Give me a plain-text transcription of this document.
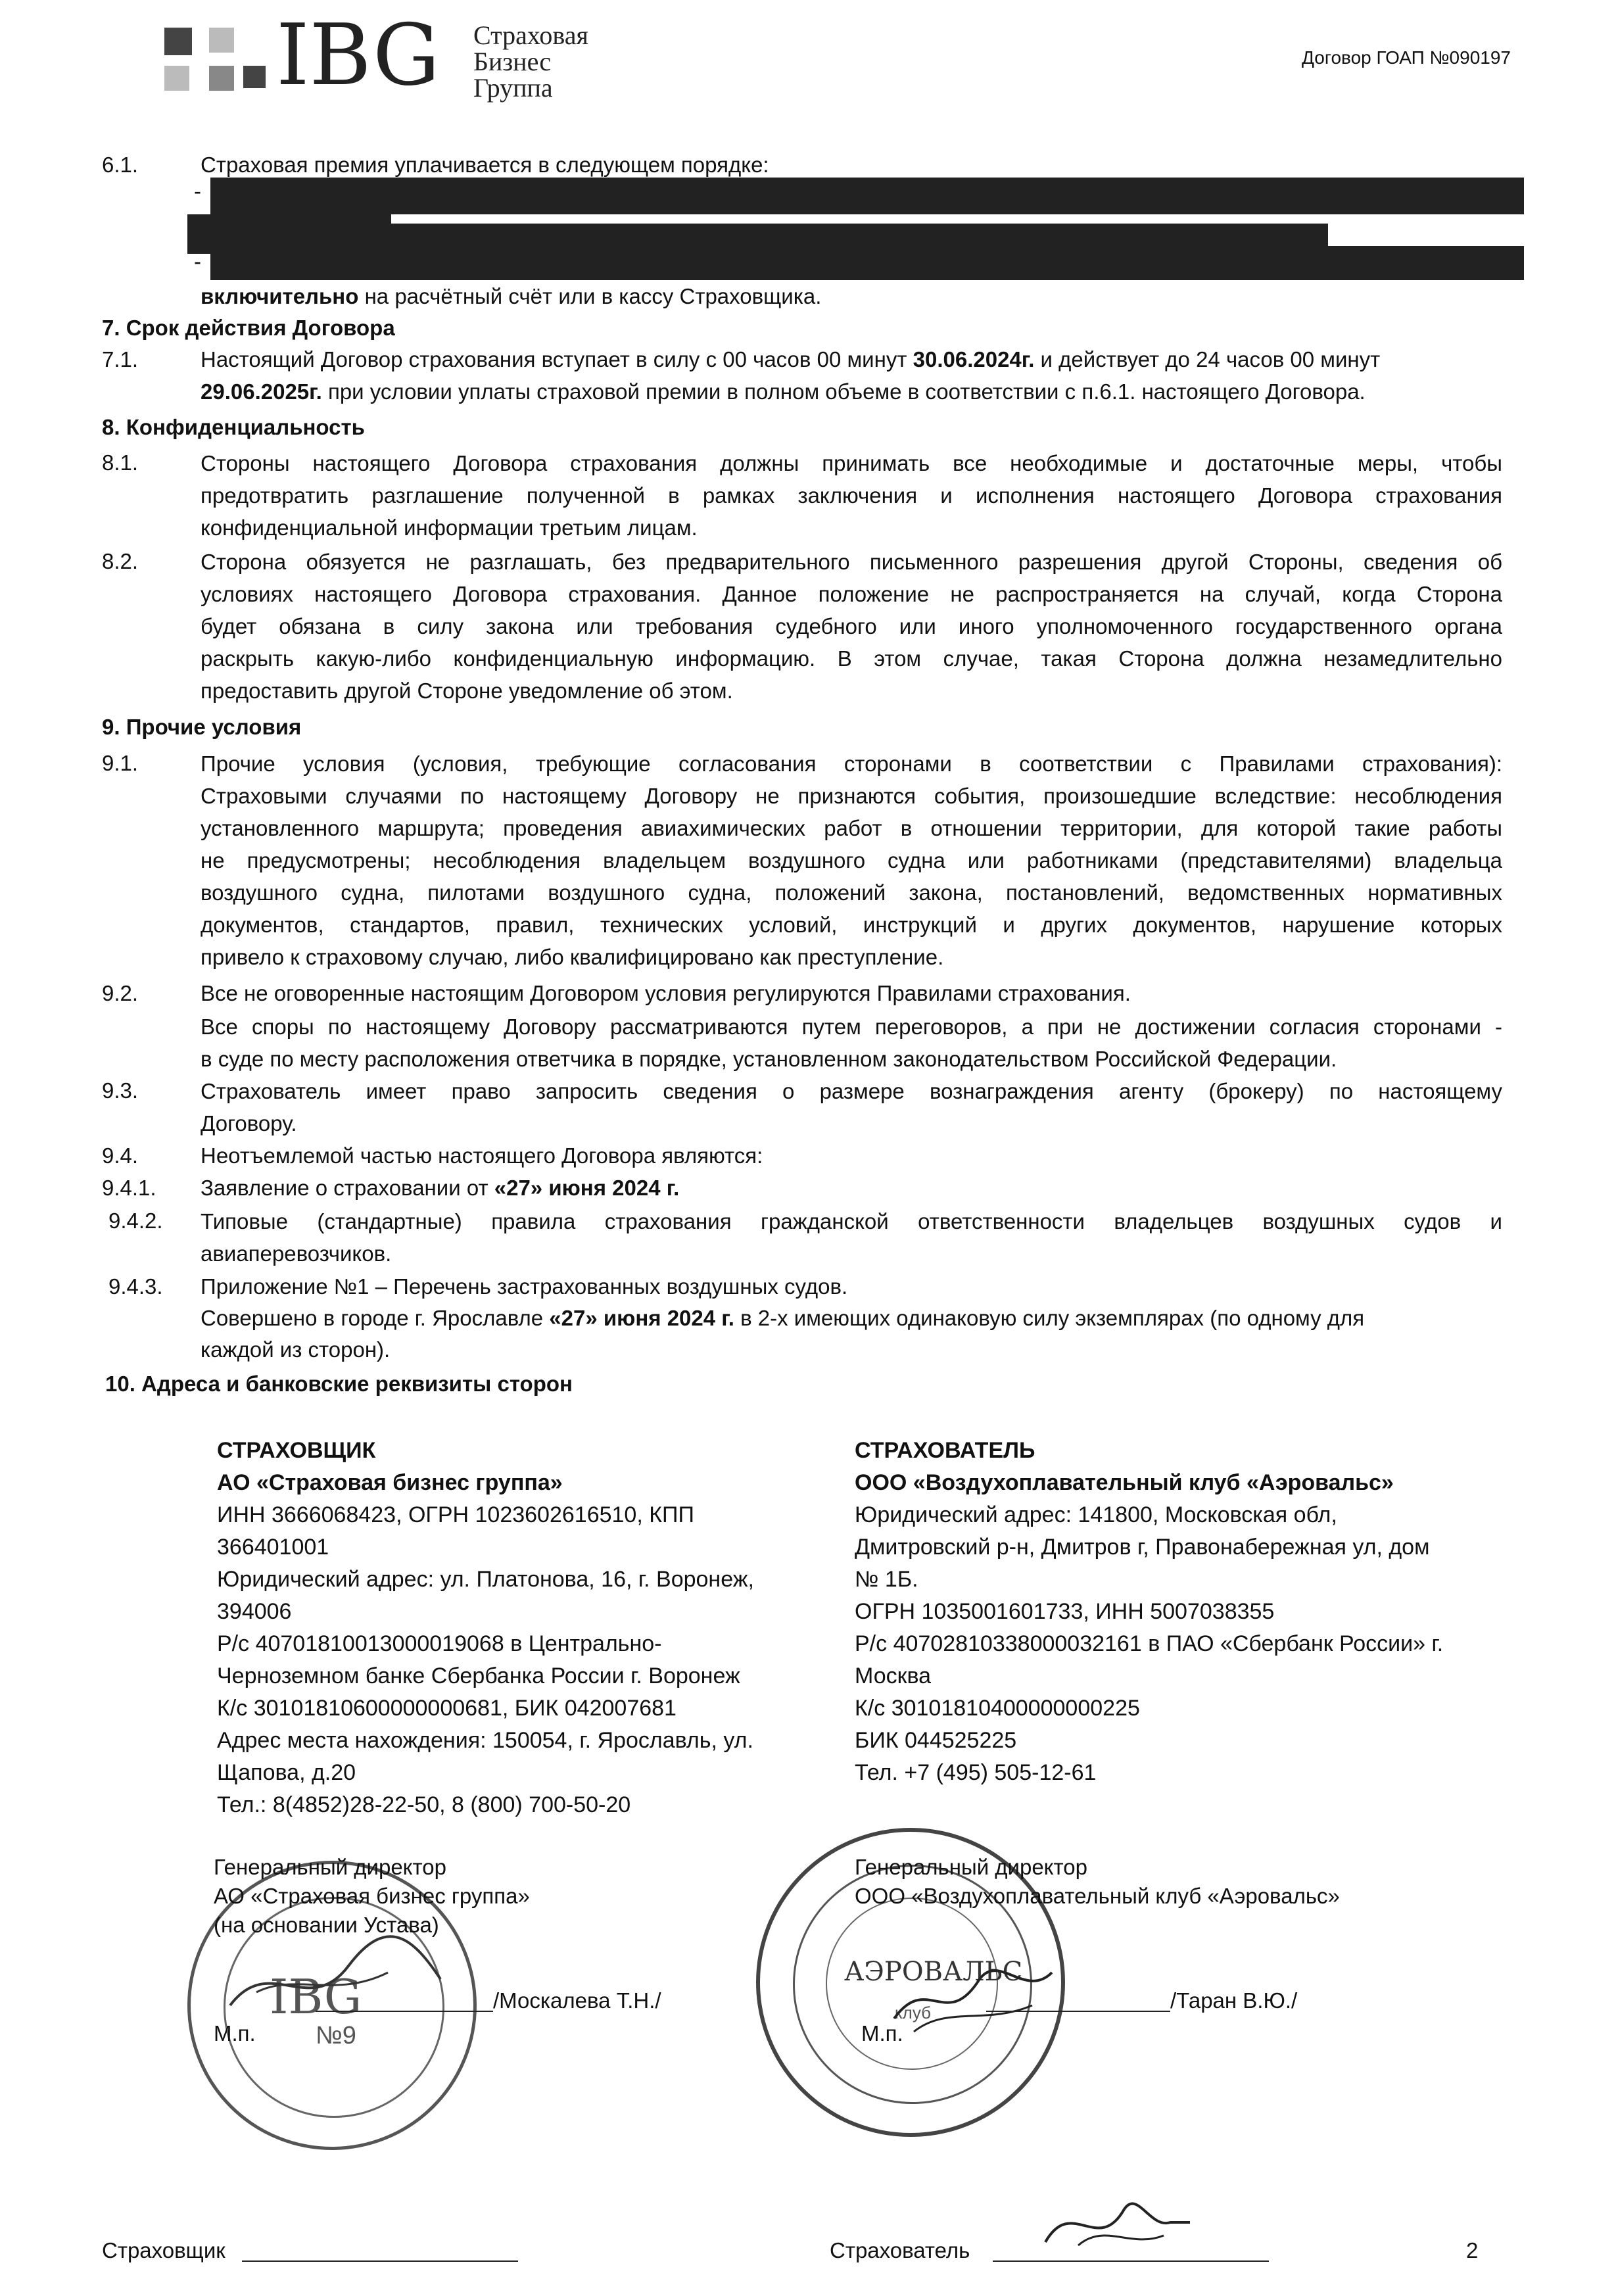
IBG Страховая
Бизнес
Группа
Договор ГОАП №090197
6.1.	Страховая премия уплачивается в следующем порядке:
-
-
включительно на расчётный счёт или в кассу Страховщика.
7. Срок действия Договора
7.1.	Настоящий Договор страхования вступает в силу с 00 часов 00 минут 30.06.2024г. и действует до 24 часов 00 минут
29.06.2025г. при условии уплаты страховой премии в полном объеме в соответствии с п.6.1. настоящего Договора.
8. Конфиденциальность
8.1.	Стороны настоящего Договора страхования должны принимать все необходимые и достаточные меры, чтобы
предотвратить разглашение полученной в рамках заключения и исполнения настоящего Договора страхования
конфиденциальной информации третьим лицам.
8.2.	Сторона обязуется не разглашать, без предварительного письменного разрешения другой Стороны, сведения об
условиях настоящего Договора страхования. Данное положение не распространяется на случай, когда Сторона
будет обязана в силу закона или требования судебного или иного уполномоченного государственного органа
раскрыть какую-либо конфиденциальную информацию. В этом случае, такая Сторона должна незамедлительно
предоставить другой Стороне уведомление об этом.
9. Прочие условия
9.1.	Прочие условия (условия, требующие согласования сторонами в соответствии с Правилами страхования):
Страховыми случаями по настоящему Договору не признаются события, произошедшие вследствие: несоблюдения
установленного маршрута; проведения авиахимических работ в отношении территории, для которой такие работы
не предусмотрены; несоблюдения владельцем воздушного судна или работниками (представителями) владельца
воздушного судна, пилотами воздушного судна, положений закона, постановлений, ведомственных нормативных
документов, стандартов, правил, технических условий, инструкций и других документов, нарушение которых
привело к страховому случаю, либо квалифицировано как преступление.
9.2.	Все не оговоренные настоящим Договором условия регулируются Правилами страхования.
Все споры по настоящему Договору рассматриваются путем переговоров, а при не достижении согласия сторонами -
в суде по месту расположения ответчика в порядке, установленном законодательством Российской Федерации.
9.3.	Страхователь имеет право запросить сведения о размере вознаграждения агенту (брокеру) по настоящему
Договору.
9.4.	Неотъемлемой частью настоящего Договора являются:
9.4.1. Заявление о страховании от «27» июня 2024 г.
9.4.2. Типовые (стандартные) правила страхования гражданской ответственности владельцев воздушных судов и
авиаперевозчиков.
9.4.3. Приложение №1 – Перечень застрахованных воздушных судов.
Совершено в городе г. Ярославле «27» июня 2024 г. в 2-х имеющих одинаковую силу экземплярах (по одному для
каждой из сторон).
10. Адреса и банковские реквизиты сторон
СТРАХОВЩИК
АО «Страховая бизнес группа»
ИНН 3666068423, ОГРН 1023602616510, КПП
366401001
Юридический адрес: ул. Платонова, 16, г. Воронеж,
394006
Р/с 40701810013000019068 в Центрально-
Черноземном банке Сбербанка России г. Воронеж
К/с 30101810600000000681, БИК 042007681
Адрес места нахождения: 150054, г. Ярославль, ул.
Щапова, д.20
Тел.: 8(4852)28-22-50, 8 (800) 700-50-20
СТРАХОВАТЕЛЬ
ООО «Воздухоплавательный клуб «Аэровальс»
Юридический адрес: 141800, Московская обл,
Дмитровский р-н, Дмитров г, Правонабережная ул, дом
№ 1Б.
ОГРН 1035001601733, ИНН 5007038355
Р/с 40702810338000032161 в ПАО «Сбербанк России» г.
Москва
К/с 30101810400000000225
БИК 044525225
Тел. +7 (495) 505-12-61
IBG
№9
АЭРОВАЛЬС
клуб
Генеральный директор
АО «Страховая бизнес группа»
(на основании Устава)
/Москалева Т.Н./
М.п.
Генеральный директор
ООО «Воздухоплавательный клуб «Аэровальс»
/Таран В.Ю./
М.п.
Страховщик	Страхователь	2
